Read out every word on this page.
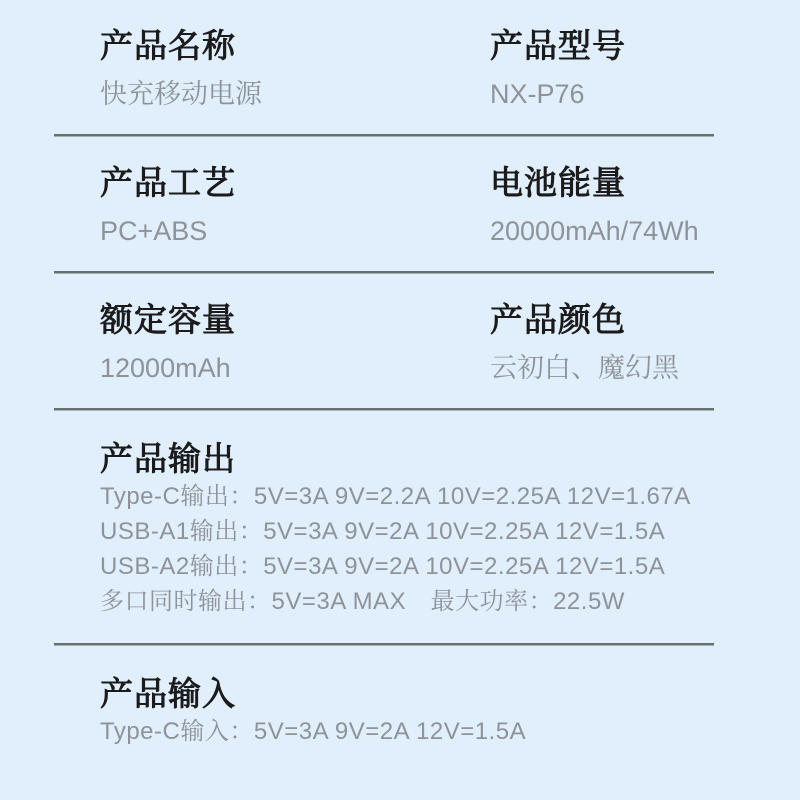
产品名称
快充移动电源
产品型号
NX-P76
产品工艺
PC+ABS
电池能量
20000mAh/74Wh
额定容量
12000mAh
产品颜色
云初白、魔幻黑
产品输出
Type-C输出：5V=3A 9V=2.2A 10V=2.25A 12V=1.67A
USB-A1输出：5V=3A 9V=2A 10V=2.25A 12V=1.5A
USB-A2输出：5V=3A 9V=2A 10V=2.25A 12V=1.5A
多口同时输出：5V=3A MAX　最大功率：22.5W
产品输入
Type-C输入：5V=3A 9V=2A 12V=1.5A
